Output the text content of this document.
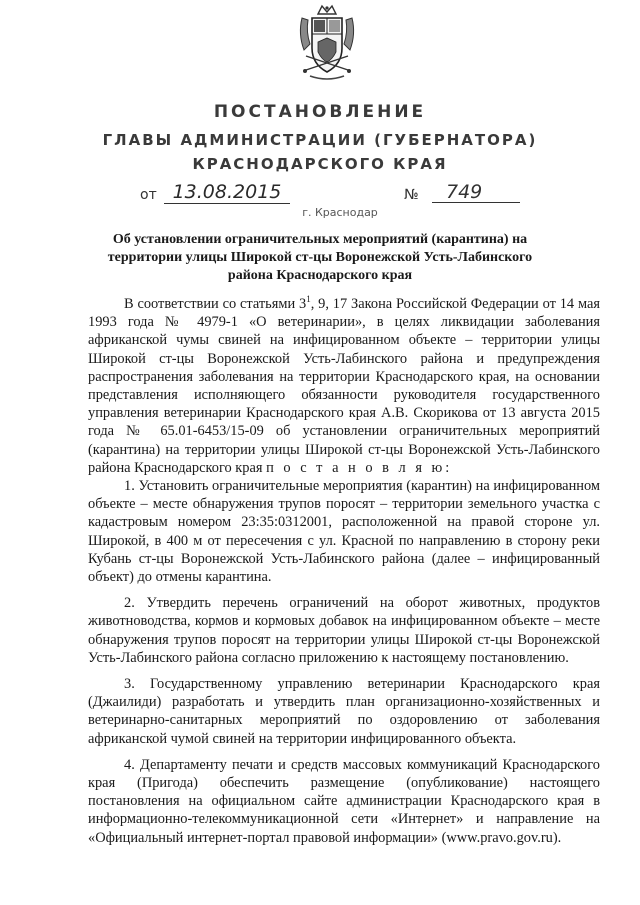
ПОСТАНОВЛЕНИЕ
ГЛАВЫ АДМИНИСТРАЦИИ (ГУБЕРНАТОРА)
КРАСНОДАРСКОГО КРАЯ
от 13.08.2015	№	749
г. Краснодар
Об установлении ограничительных мероприятий (карантина) на территории улицы Широкой ст-цы Воронежской Усть-Лабинского района Краснодарского края

В соответствии со статьями $3^1$, 9, 17 Закона Российской Федерации от 14 мая 1993 года № 4979-1 «О ветеринарии», в целях ликвидации заболевания африканской чумы свиней на инфицированном объекте – территории улицы Широкой ст-цы Воронежской Усть-Лабинского района и предупреждения распространения заболевания на территории Краснодарского края, на основании представления исполняющего обязанности руководителя государственного управления ветеринарии Краснодарского края А.В. Скорикова от 13 августа 2015 года № 65.01-6453/15-09 об установлении ограничительных мероприятий (карантина) на территории улицы Широкой ст-цы Воронежской Усть-Лабинского района Краснодарского края п о с т а н о в л я ю:

1. Установить ограничительные мероприятия (карантин) на инфицированном объекте – месте обнаружения трупов поросят – территории земельного участка с кадастровым номером 23:35:0312001, расположенной на правой стороне ул. Широкой, в 400 м от пересечения с ул. Красной по направлению в сторону реки Кубань ст-цы Воронежской Усть-Лабинского района (далее – инфицированный объект) до отмены карантина.

2. Утвердить перечень ограничений на оборот животных, продуктов животноводства, кормов и кормовых добавок на инфицированном объекте – месте обнаружения трупов поросят на территории улицы Широкой ст-цы Воронежской Усть-Лабинского района согласно приложению к настоящему постановлению.

3. Государственному управлению ветеринарии Краснодарского края (Джаилиди) разработать и утвердить план организационно-хозяйственных и ветеринарно-санитарных мероприятий по оздоровлению от заболевания африканской чумой свиней на территории инфицированного объекта.

4. Департаменту печати и средств массовых коммуникаций Краснодарского края (Пригода) обеспечить размещение (опубликование) настоящего постановления на официальном сайте администрации Краснодарского края в информационно-телекоммуникационной сети «Интернет» и направление на «Официальный интернет-портал правовой информации» (www.pravo.gov.ru).
